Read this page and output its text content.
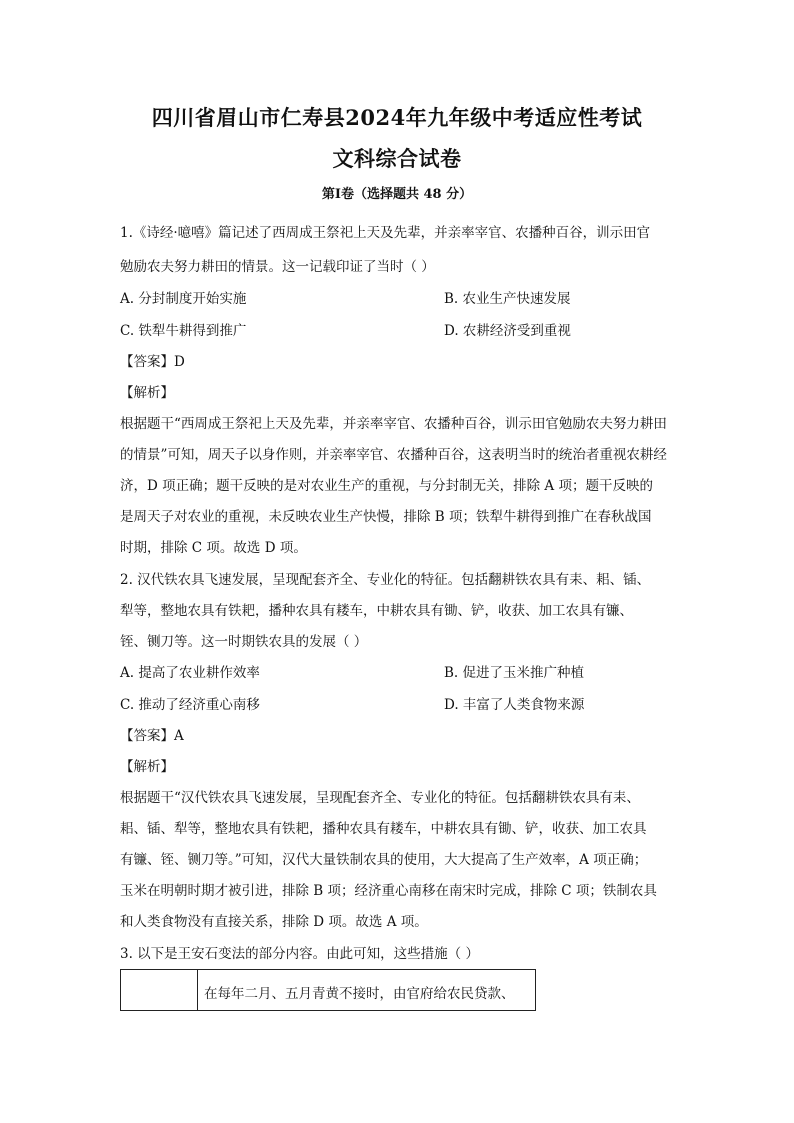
四川省眉山市仁寿县2024年九年级中考适应性考试
文科综合试卷
第Ⅰ卷（选择题共 48 分）
1.《诗经·噫嘻》篇记述了西周成王祭祀上天及先辈，并亲率宰官、农播种百谷，训示田官
勉励农夫努力耕田的情景。这一记载印证了当时（ ）
A. 分封制度开始实施	B. 农业生产快速发展
C. 铁犁牛耕得到推广	D. 农耕经济受到重视
【答案】D
【解析】
根据题干“西周成王祭祀上天及先辈，并亲率宰官、农播种百谷，训示田官勉励农夫努力耕田
的情景”可知，周天子以身作则，并亲率宰官、农播种百谷，这表明当时的统治者重视农耕经
济，D 项正确；题干反映的是对农业生产的重视，与分封制无关，排除 A 项；题干反映的
是周天子对农业的重视，未反映农业生产快慢，排除 B 项；铁犁牛耕得到推广在春秋战国
时期，排除 C 项。故选 D 项。
2. 汉代铁农具飞速发展，呈现配套齐全、专业化的特征。包括翻耕铁农具有耒、耜、锸、
犁等，整地农具有铁耙，播种农具有耧车，中耕农具有锄、铲，收获、加工农具有镰、
铚、铡刀等。这一时期铁农具的发展（ ）
A. 提高了农业耕作效率	B. 促进了玉米推广种植
C. 推动了经济重心南移	D. 丰富了人类食物来源
【答案】A
【解析】
根据题干“汉代铁农具飞速发展，呈现配套齐全、专业化的特征。包括翻耕铁农具有耒、
耜、锸、犁等，整地农具有铁耙，播种农具有耧车，中耕农具有锄、铲，收获、加工农具
有镰、铚、铡刀等。”可知，汉代大量铁制农具的使用，大大提高了生产效率，A 项正确；
玉米在明朝时期才被引进，排除 B 项；经济重心南移在南宋时完成，排除 C 项；铁制农具
和人类食物没有直接关系，排除 D 项。故选 A 项。
3. 以下是王安石变法的部分内容。由此可知，这些措施（ ）
在每年二月、五月青黄不接时，由官府给农民贷款、
